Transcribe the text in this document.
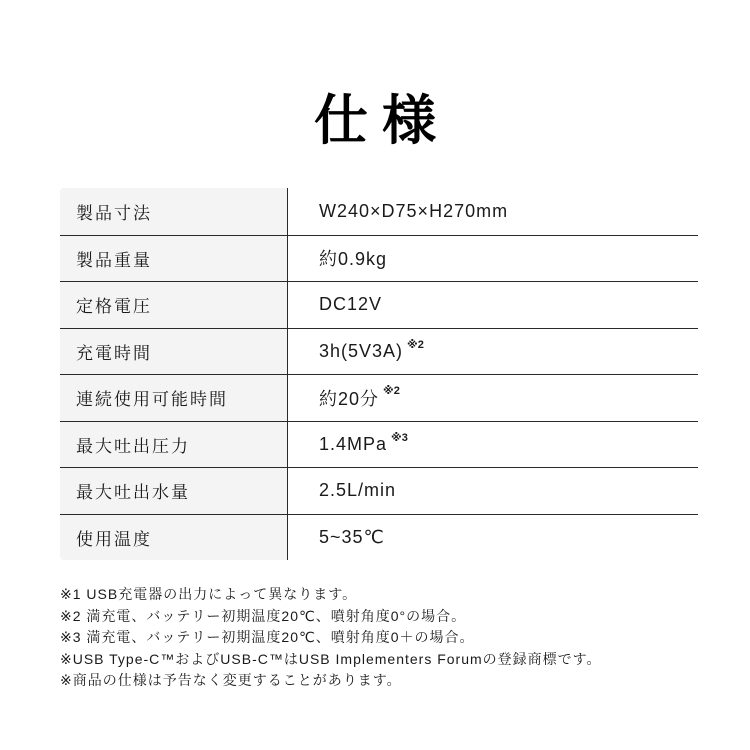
仕様
製品寸法	W240×D75×H270mm
製品重量	約0.9kg
定格電圧	DC12V
充電時間	3h(5V3A) ※2
連続使用可能時間	約20分 ※2
最大吐出圧力	1.4MPa ※3
最大吐出水量	2.5L/min
使用温度	5~35℃
※1 USB充電器の出力によって異なります。
※2 満充電、バッテリー初期温度20℃、噴射角度0°の場合。
※3 満充電、バッテリー初期温度20℃、噴射角度0＋の場合。
※USB Type-C™およびUSB-C™はUSB Implementers Forumの登録商標です。
※商品の仕様は予告なく変更することがあります。
